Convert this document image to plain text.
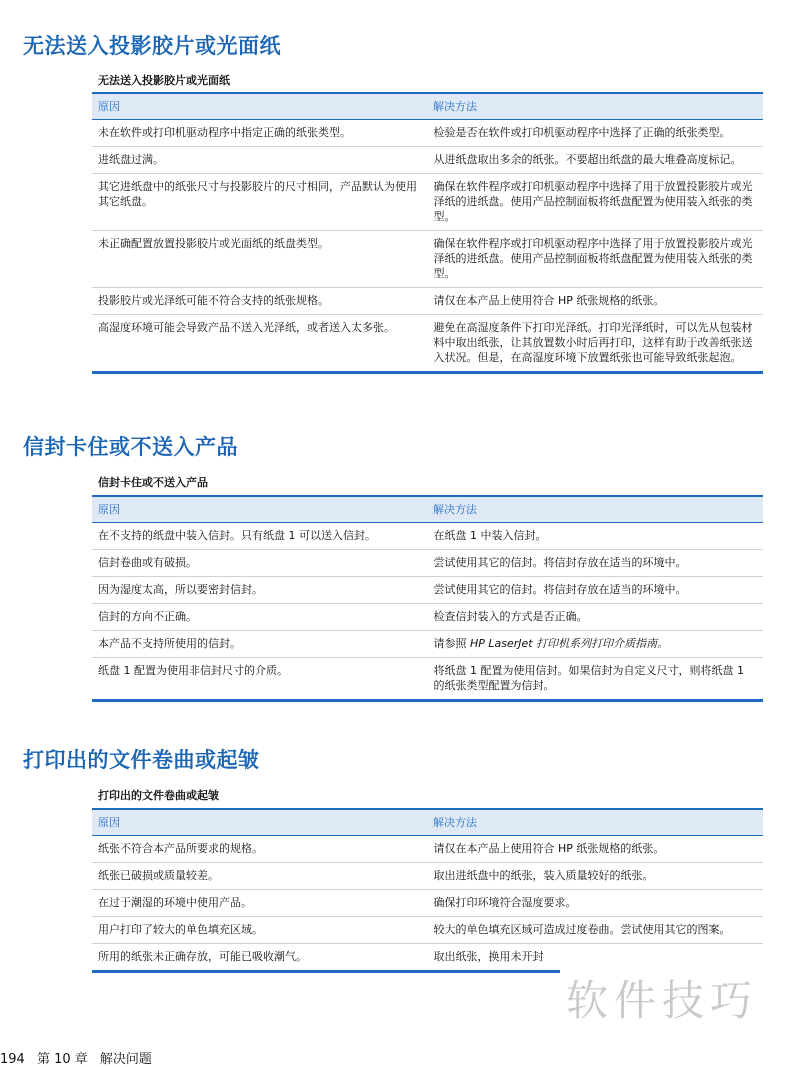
无法送入投影胶片或光面纸
无法送入投影胶片或光面纸
原因	解决方法
未在软件或打印机驱动程序中指定正确的纸张类型。	检验是否在软件或打印机驱动程序中选择了正确的纸张类型。
进纸盘过满。	从进纸盘取出多余的纸张。不要超出纸盘的最大堆叠高度标记。
其它进纸盘中的纸张尺寸与投影胶片的尺寸相同，产品默认为使用其它纸盘。	确保在软件程序或打印机驱动程序中选择了用于放置投影胶片或光泽纸的进纸盘。使用产品控制面板将纸盘配置为使用装入纸张的类型。
未正确配置放置投影胶片或光面纸的纸盘类型。	确保在软件程序或打印机驱动程序中选择了用于放置投影胶片或光泽纸的进纸盘。使用产品控制面板将纸盘配置为使用装入纸张的类型。
投影胶片或光泽纸可能不符合支持的纸张规格。	请仅在本产品上使用符合 HP 纸张规格的纸张。
高湿度环境可能会导致产品不送入光泽纸，或者送入太多张。	避免在高湿度条件下打印光泽纸。打印光泽纸时，可以先从包装材料中取出纸张，让其放置数小时后再打印，这样有助于改善纸张送入状况。但是，在高湿度环境下放置纸张也可能导致纸张起泡。
信封卡住或不送入产品
信封卡住或不送入产品
原因	解决方法
在不支持的纸盘中装入信封。只有纸盘 1 可以送入信封。	在纸盘 1 中装入信封。
信封卷曲或有破损。	尝试使用其它的信封。将信封存放在适当的环境中。
因为湿度太高，所以要密封信封。	尝试使用其它的信封。将信封存放在适当的环境中。
信封的方向不正确。	检查信封装入的方式是否正确。
本产品不支持所使用的信封。	请参照 HP LaserJet 打印机系列打印介质指南。
纸盘 1 配置为使用非信封尺寸的介质。	将纸盘 1 配置为使用信封。如果信封为自定义尺寸，则将纸盘 1 的纸张类型配置为信封。
打印出的文件卷曲或起皱
打印出的文件卷曲或起皱
原因	解决方法
纸张不符合本产品所要求的规格。	请仅在本产品上使用符合 HP 纸张规格的纸张。
纸张已破损或质量较差。	取出进纸盘中的纸张，装入质量较好的纸张。
在过于潮湿的环境中使用产品。	确保打印环境符合湿度要求。
用户打印了较大的单色填充区域。	较大的单色填充区域可造成过度卷曲。尝试使用其它的图案。
所用的纸张未正确存放，可能已吸收潮气。	取出纸张，换用未开封
软件技巧
194 第 10 章 解决问题
